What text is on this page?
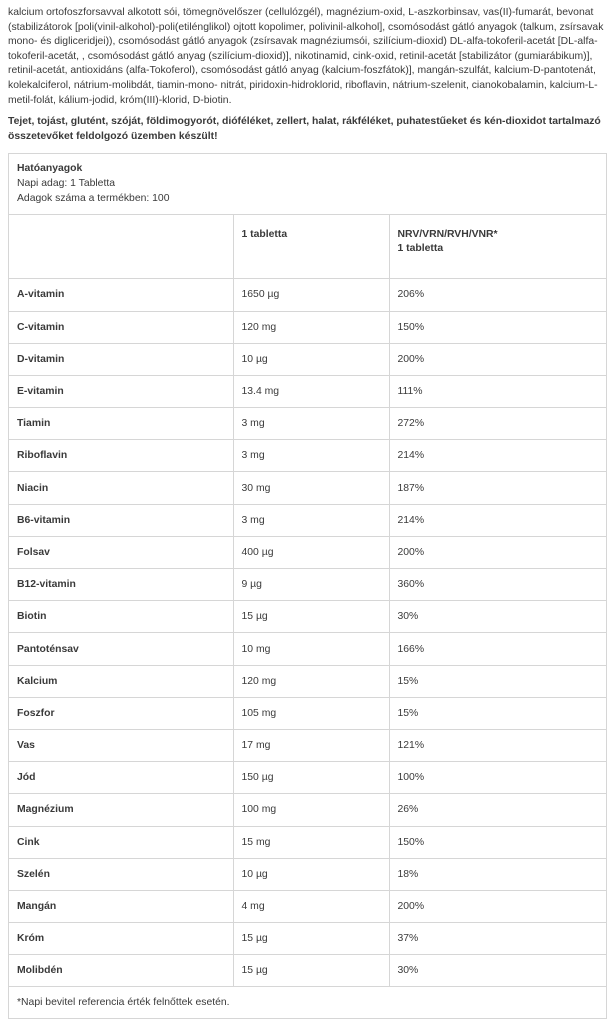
kalcium ortofoszforsavval alkotott sói, tömegnövelőszer (cellulózgél), magnézium-oxid, L-aszkorbinsav, vas(II)-fumarát, bevonat (stabilizátorok [poli(vinil-alkohol)-poli(etilénglikol) ojtott kopolimer, polivinil-alkohol], csomósodást gátló anyagok (talkum, zsírsavak mono- és digliceridjei)), csomósodást gátló anyagok (zsírsavak magnéziumsói, szilícium-dioxid) DL-alfa-tokoferil-acetát [DL-alfa-tokoferil-acetát, , csomósodást gátló anyag (szilícium-dioxid)], nikotinamid, cink-oxid, retinil-acetát [stabilizátor (gumiarábikum)], retinil-acetát, antioxidáns (alfa-Tokoferol), csomósodást gátló anyag (kalcium-foszfátok)], mangán-szulfát, kalcium-D-pantotenát, kolekalciferol, nátrium-molibdát, tiamin-mono- nitrát, piridoxin-hidroklorid, riboflavin, nátrium-szelenit, cianokobalamin, kalcium-L-metil-folát, kálium-jodid, króm(III)-klorid, D-biotin.

Tejet, tojást, glutént, szóját, földimogyorót, dióféléket, zellert, halat, rákféléket, puhatestűeket és kén-dioxidot tartalmazó összetevőket feldolgozó üzemben készült!

Hatóanyagok
Napi adag: 1 Tabletta
Adagok száma a termékben: 100
	1 tabletta	NRV/VRN/RVH/VNR*
1 tabletta

A-vitamin	1650 µg	206%
C-vitamin	120 mg	150%
D-vitamin	10 µg	200%
E-vitamin	13.4 mg	111%
Tiamin	3 mg	272%
Riboflavin	3 mg	214%
Niacin	30 mg	187%
B6-vitamin	3 mg	214%
Folsav	400 µg	200%
B12-vitamin	9 µg	360%
Biotin	15 µg	30%
Pantoténsav	10 mg	166%
Kalcium	120 mg	15%
Foszfor	105 mg	15%
Vas	17 mg	121%
Jód	150 µg	100%
Magnézium	100 mg	26%
Cink	15 mg	150%
Szelén	10 µg	18%
Mangán	4 mg	200%
Króm	15 µg	37%
Molibdén	15 µg	30%
*Napi bevitel referencia érték felnőttek esetén.		
